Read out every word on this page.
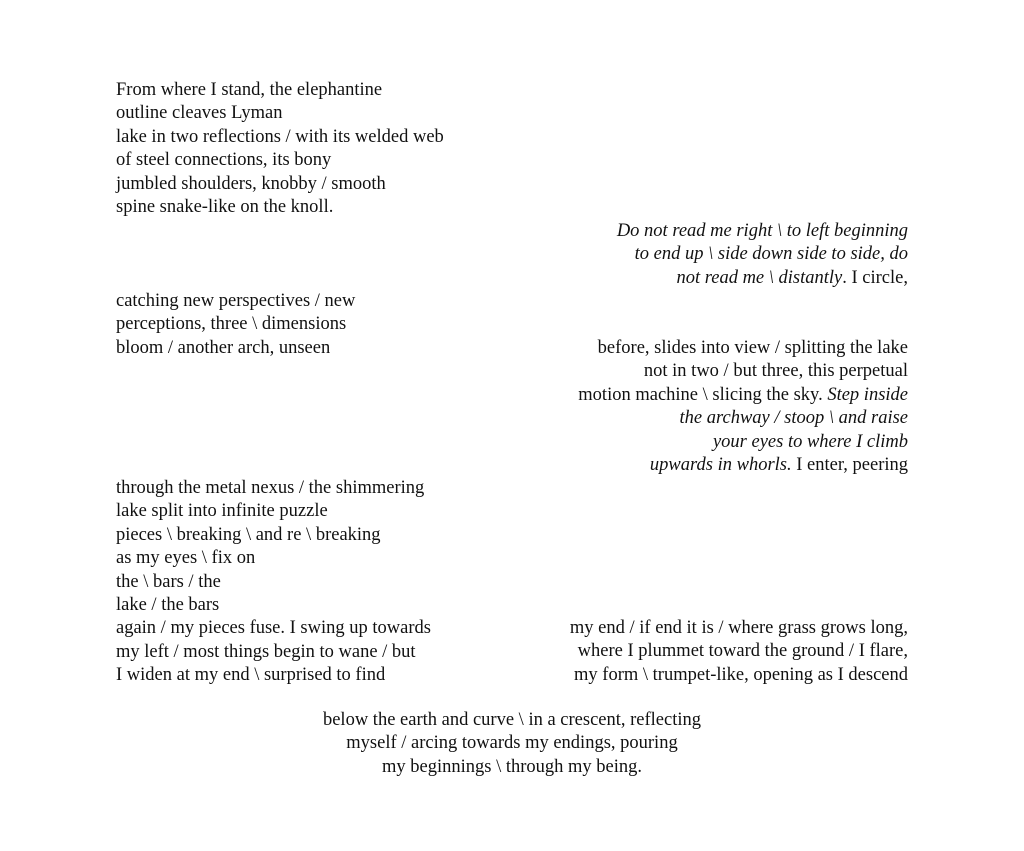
From where I stand, the elephantine
outline cleaves Lyman
lake in two reflections / with its welded web
of steel connections, its bony
jumbled shoulders, knobby / smooth
spine snake-like on the knoll.
Do not read me right \ to left beginning
to end up \ side down side to side, do
not read me \ distantly. I circle,
catching new perspectives / new
perceptions, three \ dimensions
bloom / another arch, unseen	before, slides into view / splitting the lake
not in two / but three, this perpetual
motion machine \ slicing the sky. Step inside
the archway / stoop \ and raise
your eyes to where I climb
upwards in whorls. I enter, peering
through the metal nexus / the shimmering
lake split into infinite puzzle
pieces \ breaking \ and re \ breaking
as my eyes \ fix on
the \ bars / the
lake / the bars
again / my pieces fuse. I swing up towards
my left / most things begin to wane / but
I widen at my end \ surprised to find
my end / if end it is / where grass grows long,
where I plummet toward the ground / I flare,
my form \ trumpet-like, opening as I descend
below the earth and curve \ in a crescent, reflecting
myself / arcing towards my endings, pouring
my beginnings \ through my being.
